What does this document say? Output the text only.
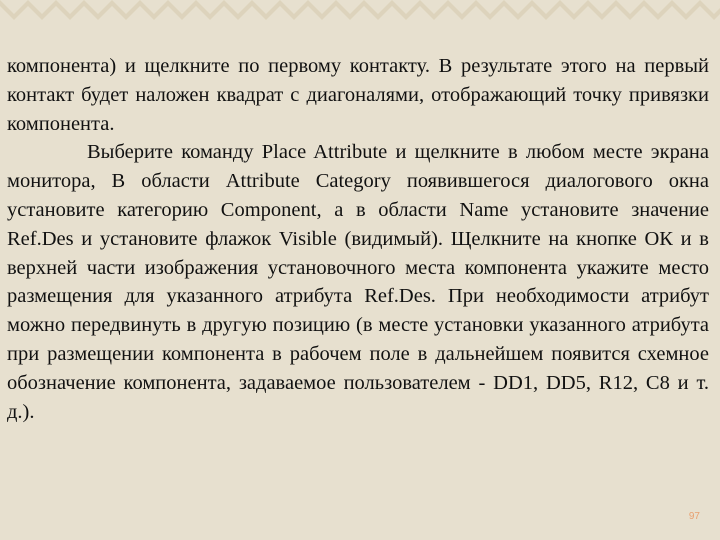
компонента) и щелкните по первому контакту. В результате этого на первый контакт будет наложен квадрат с диагоналями, отображающий точку привязки компонента.

Выберите команду Place Attribute и щелкните в любом месте экрана монитора, В области Attribute Category появившегося диалогового окна установите категорию Component, а в области Name установите значение Ref.Des и установите флажок Visible (видимый). Щелкните на кнопке ОК и в верхней части изображения установочного места компонента укажите место размещения для указанного атрибута Ref.Des. При необходимости атрибут можно передвинуть в другую позицию (в месте установки указанного атрибута при размещении компонента в рабочем поле в дальнейшем появится схемное обозначение компонента, задаваемое пользователем - DD1, DD5, R12, C8 и т. д.).

97
